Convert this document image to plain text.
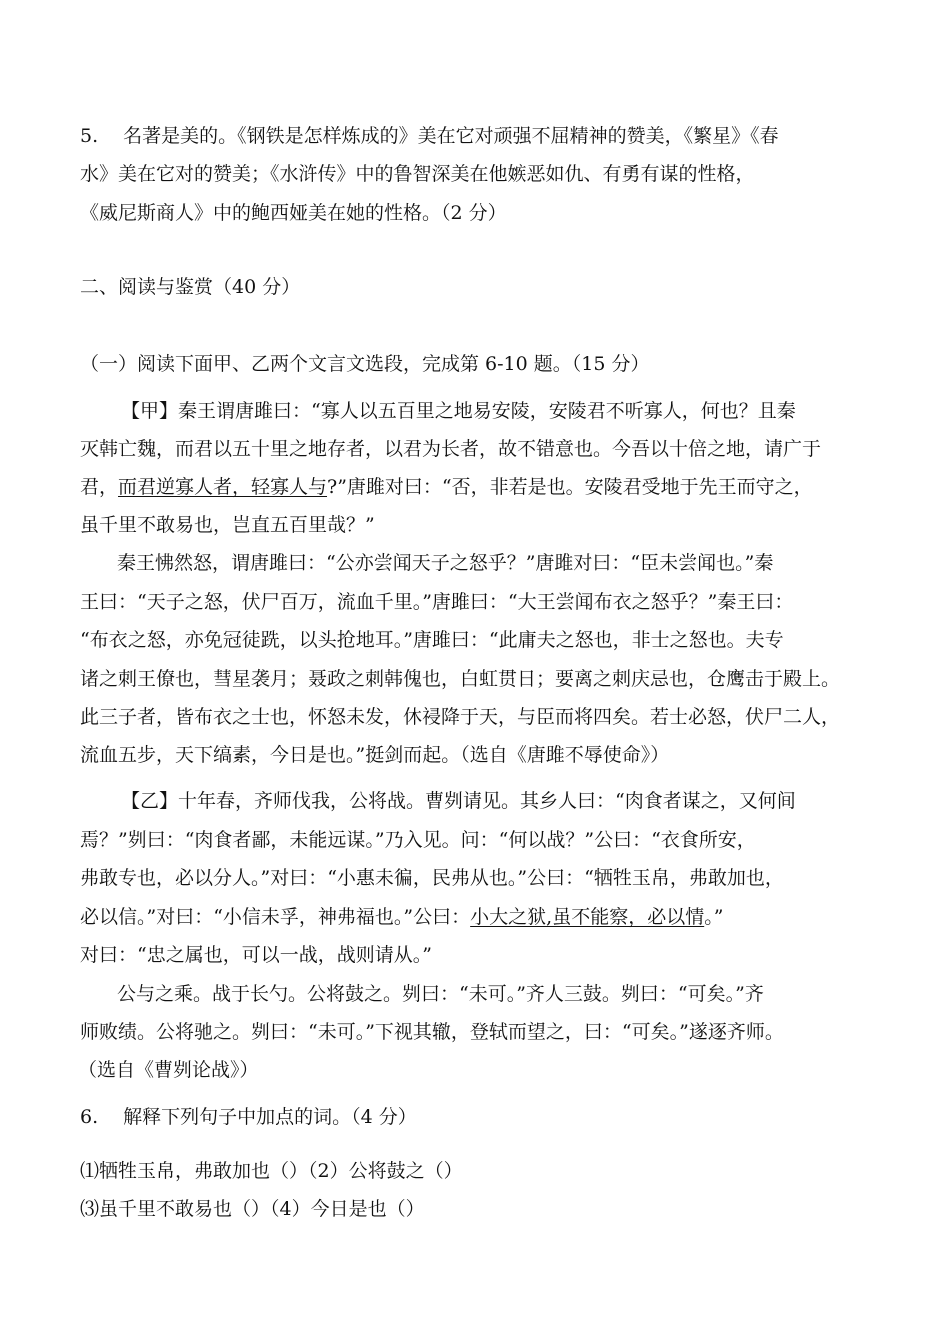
5.　 名著是美的。《钢铁是怎样炼成的》美在它对顽强不屈精神的赞美，《繁星》《春
水》美在它对的赞美；《水浒传》中的鲁智深美在他嫉恶如仇、有勇有谋的性格，
《威尼斯商人》中的鲍西娅美在她的性格。（2 分）
二、阅读与鉴赏（40 分）
（一）阅读下面甲、乙两个文言文选段，完成第 6-10 题。（15 分）
【甲】秦王谓唐雎曰：“寡人以五百里之地易安陵，安陵君不听寡人，何也？且秦
灭韩亡魏，而君以五十里之地存者，以君为长者，故不错意也。今吾以十倍之地，请广于
君，而君逆寡人者，轻寡人与?”唐雎对曰：“否，非若是也。安陵君受地于先王而守之，
虽千里不敢易也，岂直五百里哉？”
秦王怫然怒，谓唐雎曰：“公亦尝闻天子之怒乎？”唐雎对曰：“臣未尝闻也。”秦
王曰：“天子之怒，伏尸百万，流血千里。”唐雎曰：“大王尝闻布衣之怒乎？”秦王曰：
“布衣之怒，亦免冠徒跣，以头抢地耳。”唐雎曰：“此庸夫之怒也，非士之怒也。夫专
诸之刺王僚也，彗星袭月；聂政之刺韩傀也，白虹贯日；要离之刺庆忌也，仓鹰击于殿上。
此三子者，皆布衣之士也，怀怒未发，休祲降于天，与臣而将四矣。若士必怒，伏尸二人，
流血五步，天下缟素，今日是也。”挺剑而起。（选自《唐雎不辱使命》）
【乙】十年春，齐师伐我，公将战。曹刿请见。其乡人曰：“肉食者谋之，又何间
焉？”刿曰：“肉食者鄙，未能远谋。”乃入见。问：“何以战？”公曰：“衣食所安，
弗敢专也，必以分人。”对曰：“小惠未徧，民弗从也。”公曰：“牺牲玉帛，弗敢加也，
必以信。”对曰：“小信未孚，神弗福也。”公曰：小大之狱,虽不能察，必以情。”
对曰：“忠之属也，可以一战，战则请从。”
公与之乘。战于长勺。公将鼓之。刿曰：“未可。”齐人三鼓。刿曰：“可矣。”齐
师败绩。公将驰之。刿曰：“未可。”下视其辙，登轼而望之，曰：“可矣。”遂逐齐师。
（选自《曹刿论战》）
6.　 解释下列句子中加点的词。（4 分）
⑴牺牲玉帛，弗敢加也（）（2）公将鼓之（）
⑶虽千里不敢易也（）（4）今日是也（）
